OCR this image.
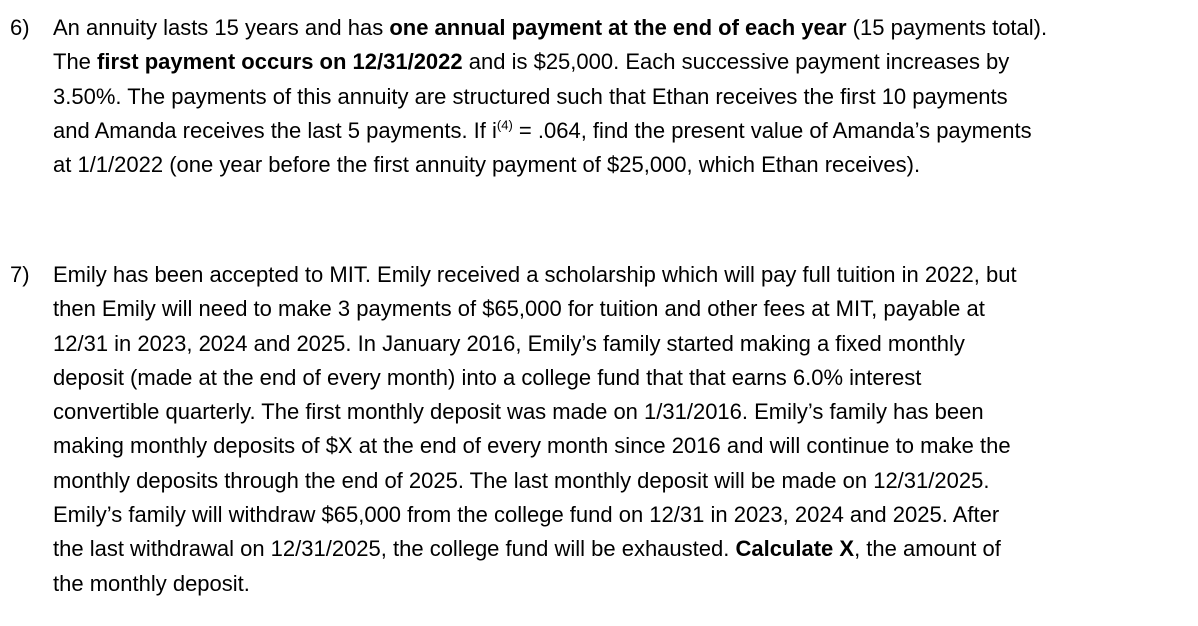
6) An annuity lasts 15 years and has one annual payment at the end of each year (15 payments total).
The first payment occurs on 12/31/2022 and is $25,000. Each successive payment increases by
3.50%. The payments of this annuity are structured such that Ethan receives the first 10 payments
and Amanda receives the last 5 payments. If $i^{(4)} = .064$, find the present value of Amanda’s payments
at 1/1/2022 (one year before the first annuity payment of $25,000, which Ethan receives).
7) Emily has been accepted to MIT. Emily received a scholarship which will pay full tuition in 2022, but
then Emily will need to make 3 payments of $65,000 for tuition and other fees at MIT, payable at
12/31 in 2023, 2024 and 2025. In January 2016, Emily’s family started making a fixed monthly
deposit (made at the end of every month) into a college fund that that earns 6.0% interest
convertible quarterly. The first monthly deposit was made on 1/31/2016. Emily’s family has been
making monthly deposits of $X at the end of every month since 2016 and will continue to make the
monthly deposits through the end of 2025. The last monthly deposit will be made on 12/31/2025.
Emily’s family will withdraw $65,000 from the college fund on 12/31 in 2023, 2024 and 2025. After
the last withdrawal on 12/31/2025, the college fund will be exhausted. Calculate X, the amount of
the monthly deposit.
